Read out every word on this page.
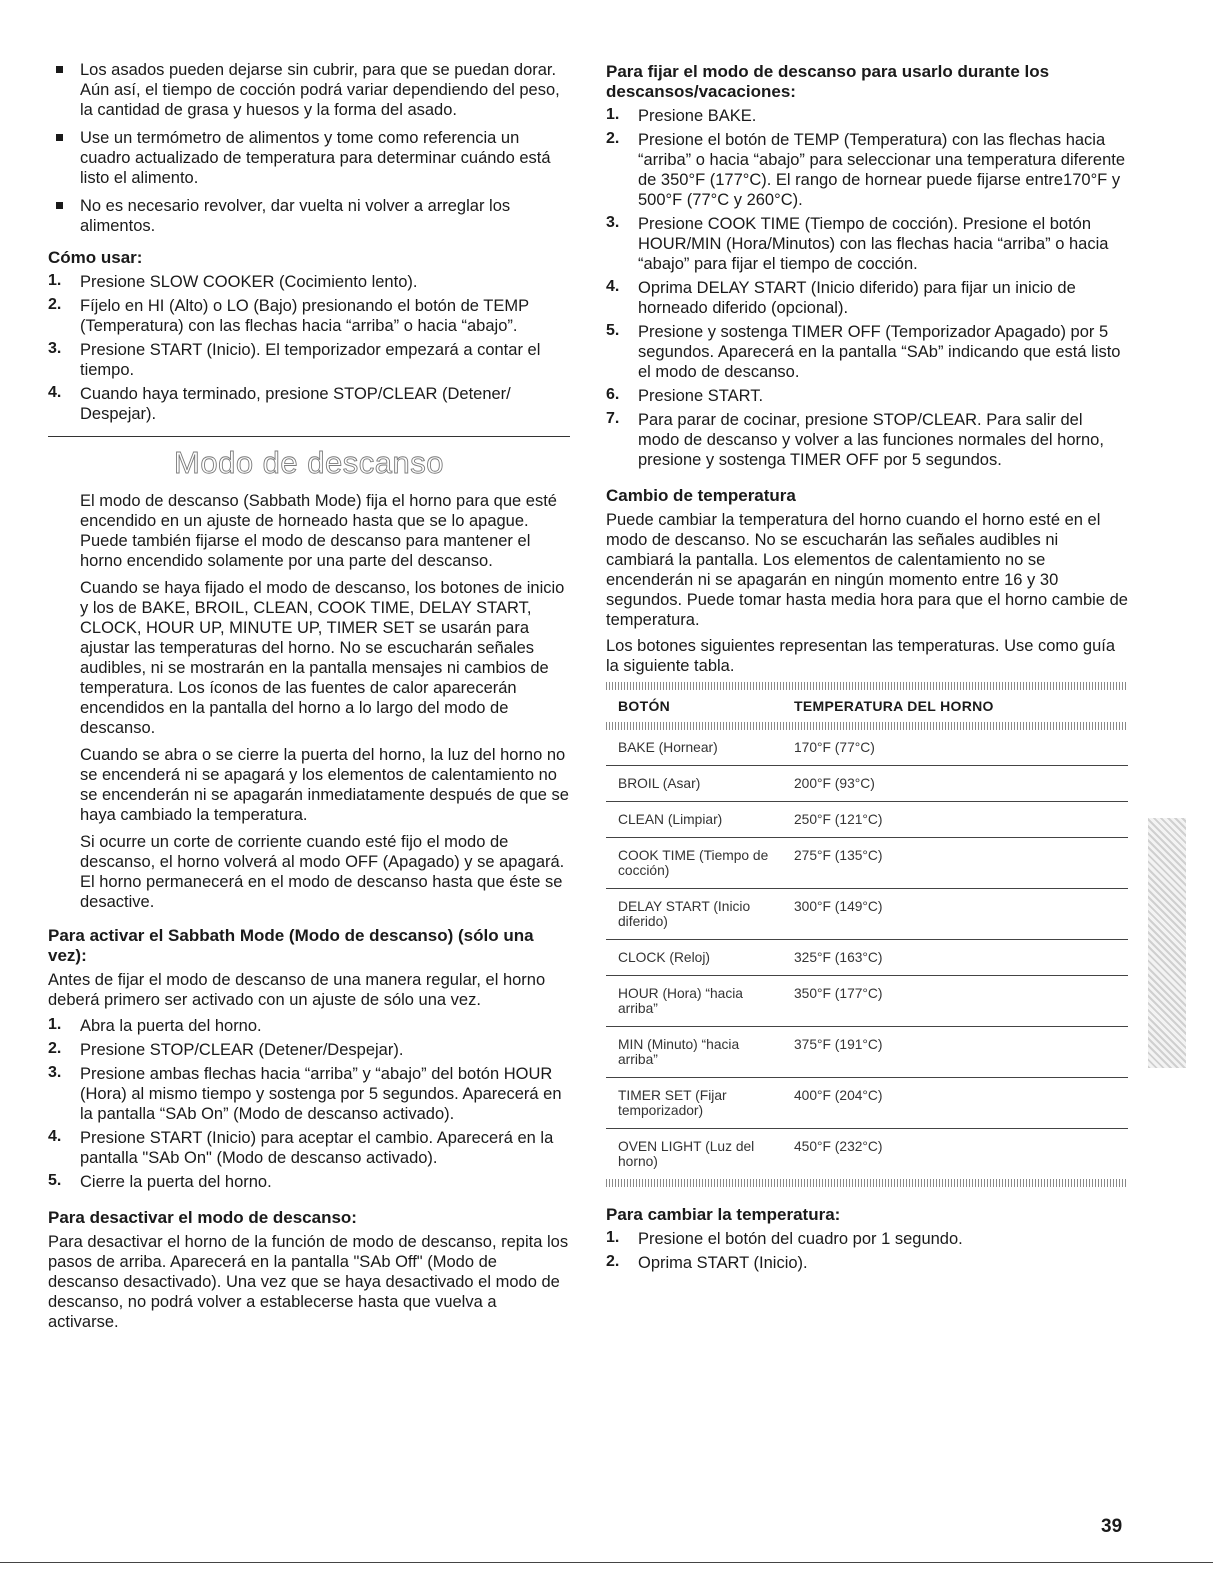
Los asados pueden dejarse sin cubrir, para que se puedan dorar. Aún así, el tiempo de cocción podrá variar dependiendo del peso, la cantidad de grasa y huesos y la forma del asado.

Use un termómetro de alimentos y tome como referencia un cuadro actualizado de temperatura para determinar cuándo está listo el alimento.

No es necesario revolver, dar vuelta ni volver a arreglar los alimentos.

Cómo usar:
1. Presione SLOW COOKER (Cocimiento lento).

2. Fíjelo en HI (Alto) o LO (Bajo) presionando el botón de TEMP (Temperatura) con las flechas hacia “arriba” o hacia “abajo”.

3. Presione START (Inicio). El temporizador empezará a contar el tiempo.

4. Cuando haya terminado, presione STOP/CLEAR (Detener/ Despejar).

Modo de descanso

El modo de descanso (Sabbath Mode) fija el horno para que esté encendido en un ajuste de horneado hasta que se lo apague. Puede también fijarse el modo de descanso para mantener el horno encendido solamente por una parte del descanso.

Cuando se haya fijado el modo de descanso, los botones de inicio y los de BAKE, BROIL, CLEAN, COOK TIME, DELAY START, CLOCK, HOUR UP, MINUTE UP, TIMER SET se usarán para ajustar las temperaturas del horno. No se escucharán señales audibles, ni se mostrarán en la pantalla mensajes ni cambios de temperatura. Los íconos de las fuentes de calor aparecerán encendidos en la pantalla del horno a lo largo del modo de descanso.

Cuando se abra o se cierre la puerta del horno, la luz del horno no se encenderá ni se apagará y los elementos de calentamiento no se encenderán ni se apagarán inmediatamente después de que se haya cambiado la temperatura.

Si ocurre un corte de corriente cuando esté fijo el modo de descanso, el horno volverá al modo OFF (Apagado) y se apagará. El horno permanecerá en el modo de descanso hasta que éste se desactive.

Para activar el Sabbath Mode (Modo de descanso) (sólo una vez):

Antes de fijar el modo de descanso de una manera regular, el horno deberá primero ser activado con un ajuste de sólo una vez.

1. Abra la puerta del horno.

2. Presione STOP/CLEAR (Detener/Despejar).

3. Presione ambas flechas hacia “arriba” y “abajo” del botón HOUR (Hora) al mismo tiempo y sostenga por 5 segundos. Aparecerá en la pantalla “SAb On” (Modo de descanso activado).

4. Presione START (Inicio) para aceptar el cambio. Aparecerá en la pantalla "SAb On" (Modo de descanso activado).

5. Cierre la puerta del horno.

Para desactivar el modo de descanso:

Para desactivar el horno de la función de modo de descanso, repita los pasos de arriba. Aparecerá en la pantalla "SAb Off" (Modo de descanso desactivado). Una vez que se haya desactivado el modo de descanso, no podrá volver a establecerse hasta que vuelva a activarse.

Para fijar el modo de descanso para usarlo durante los descansos/vacaciones:
1. Presione BAKE.

2. Presione el botón de TEMP (Temperatura) con las flechas hacia “arriba” o hacia “abajo” para seleccionar una temperatura diferente de 350°F (177°C). El rango de hornear puede fijarse entre170°F y 500°F (77°C y 260°C).

3. Presione COOK TIME (Tiempo de cocción). Presione el botón HOUR/MIN (Hora/Minutos) con las flechas hacia “arriba” o hacia “abajo” para fijar el tiempo de cocción.

4. Oprima DELAY START (Inicio diferido) para fijar un inicio de horneado diferido (opcional).

5. Presione y sostenga TIMER OFF (Temporizador Apagado) por 5 segundos. Aparecerá en la pantalla “SAb” indicando que está listo el modo de descanso.

6. Presione START.

7. Para parar de cocinar, presione STOP/CLEAR. Para salir del modo de descanso y volver a las funciones normales del horno, presione y sostenga TIMER OFF por 5 segundos.

Cambio de temperatura

Puede cambiar la temperatura del horno cuando el horno esté en el modo de descanso. No se escucharán las señales audibles ni cambiará la pantalla. Los elementos de calentamiento no se encenderán ni se apagarán en ningún momento entre 16 y 30 segundos. Puede tomar hasta media hora para que el horno cambie de temperatura.

Los botones siguientes representan las temperaturas. Use como guía la siguiente tabla.

BOTÓN	TEMPERATURA DEL HORNO

BAKE (Hornear)	170°F (77°C)
BROIL (Asar)	200°F (93°C)
CLEAN (Limpiar)	250°F (121°C)
COOK TIME (Tiempo de cocción)	275°F (135°C)
DELAY START (Inicio diferido)	300°F (149°C)
CLOCK (Reloj)	325°F (163°C)
HOUR (Hora) “hacia arriba”	350°F (177°C)
MIN (Minuto) “hacia arriba”	375°F (191°C)
TIMER SET (Fijar temporizador)	400°F (204°C)
OVEN LIGHT (Luz del horno)	450°F (232°C)

Para cambiar la temperatura:
1. Presione el botón del cuadro por 1 segundo.

2. Oprima START (Inicio).

39
